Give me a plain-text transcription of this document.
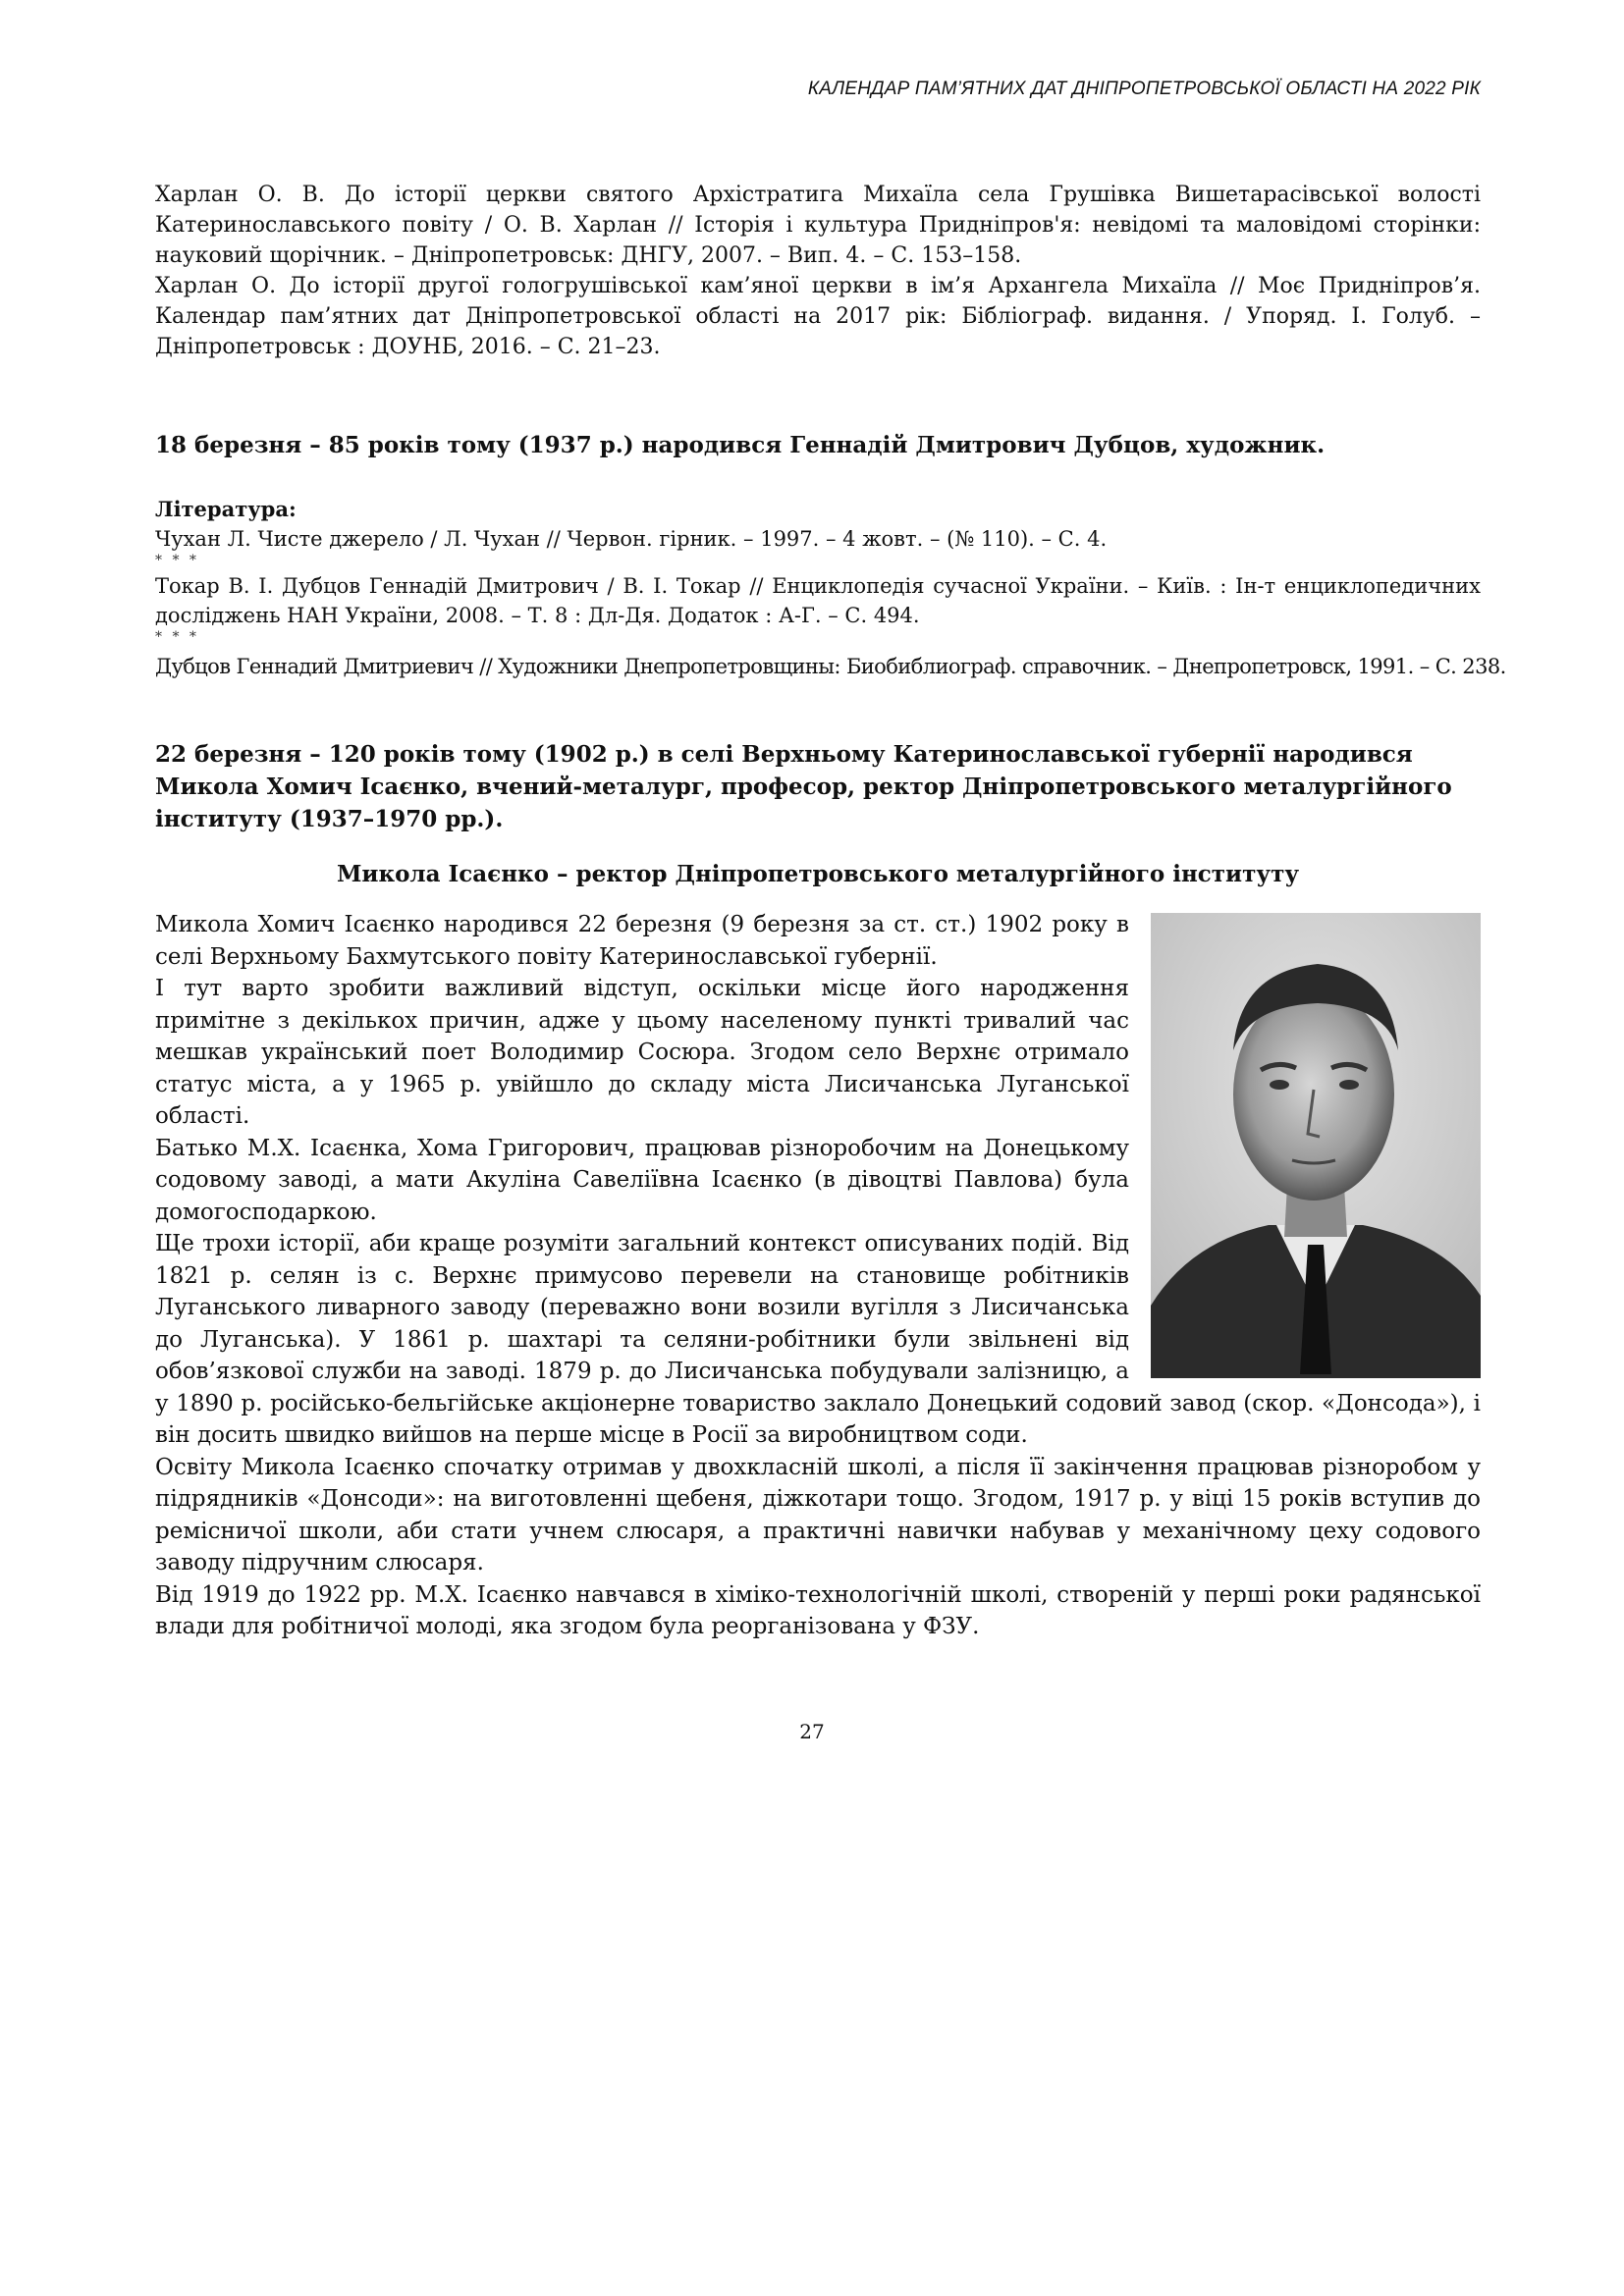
КАЛЕНДАР ПАМ’ЯТНИХ ДАТ ДНІПРОПЕТРОВСЬКОЇ ОБЛАСТІ НА 2022 РІК

Харлан О. В. До історії церкви святого Архістратига Михаїла села Грушівка Вишетарасівської волості Катеринославського повіту / О. В. Харлан // Історія і культура Придніпров'я: невідомі та маловідомі сторінки: науковий щорічник. – Дніпропетровськ: ДНГУ, 2007. – Вип. 4. – С. 153–158.

Харлан О. До історії другої гологрушівської кам’яної церкви в ім’я Архангела Михаїла // Моє Придніпров’я. Календар пам’ятних дат Дніпропетровської області на 2017 рік: Бібліограф. видання. / Упоряд. І. Голуб. – Дніпропетровськ : ДОУНБ, 2016. – С. 21–23.

18 березня – 85 років тому (1937 р.) народився Геннадій Дмитрович Дубцов, художник.

Література:

Чухан Л. Чисте джерело / Л. Чухан // Червон. гірник. – 1997. – 4 жовт. – (№ 110). – С. 4.

* * *

Токар В. І. Дубцов Геннадій Дмитрович / В. І. Токар // Енциклопедія сучасної України. – Київ. : Ін-т енциклопедичних досліджень НАН України, 2008. – Т. 8 : Дл-Дя. Додаток : А-Г. – С. 494.

* * *

Дубцов Геннадий Дмитриевич // Художники Днепропетровщины: Биобиблиограф. справочник. – Днепропетровск, 1991. – С. 238.

22 березня – 120 років тому (1902 р.) в селі Верхньому Катеринославської губернії народився Микола Хомич Ісаєнко, вчений-металург, професор, ректор Дніпропетровського металургійного інституту (1937–1970 рр.).

Микола Ісаєнко – ректор Дніпропетровського металургійного інституту

Микола Хомич Ісаєнко народився 22 березня (9 березня за ст. ст.) 1902 року в селі Верхньому Бахмутського повіту Катеринославської губернії.

І тут варто зробити важливий відступ, оскільки місце його народження примітне з декількох причин, адже у цьому населеному пункті тривалий час мешкав український поет Володимир Сосюра. Згодом село Верхнє отримало статус міста, а у 1965 р. увійшло до складу міста Лисичанська Луганської області.

Батько М.Х. Ісаєнка, Хома Григорович, працював різноробочим на Донецькому содовому заводі, а мати Акуліна Савеліївна Ісаєнко (в дівоцтві Павлова) була домогосподаркою.

Ще трохи історії, аби краще розуміти загальний контекст описуваних подій. Від 1821 р. селян із с. Верхнє примусово перевели на становище робітників Луганського ливарного заводу (переважно вони возили вугілля з Лисичанська до Луганська). У 1861 р. шахтарі та селяни-робітники були звільнені від обов’язкової служби на заводі. 1879 р. до Лисичанська побудували залізницю, а у 1890 р. російсько-бельгійське акціонерне товариство заклало Донецький содовий завод (скор. «Донсода»), і він досить швидко вийшов на перше місце в Росії за виробництвом соди.

Освіту Микола Ісаєнко спочатку отримав у двохкласній школі, а після її закінчення працював різноробом у підрядників «Донсоди»: на виготовленні щебеня, діжкотари тощо. Згодом, 1917 р. у віці 15 років вступив до ремісничої школи, аби стати учнем слюсаря, а практичні навички набував у механічному цеху содового заводу підручним слюсаря.

Від 1919 до 1922 рр. М.Х. Ісаєнко навчався в хіміко-технологічній школі, створеній у перші роки радянської влади для робітничої молоді, яка згодом була реорганізована у ФЗУ.

27
